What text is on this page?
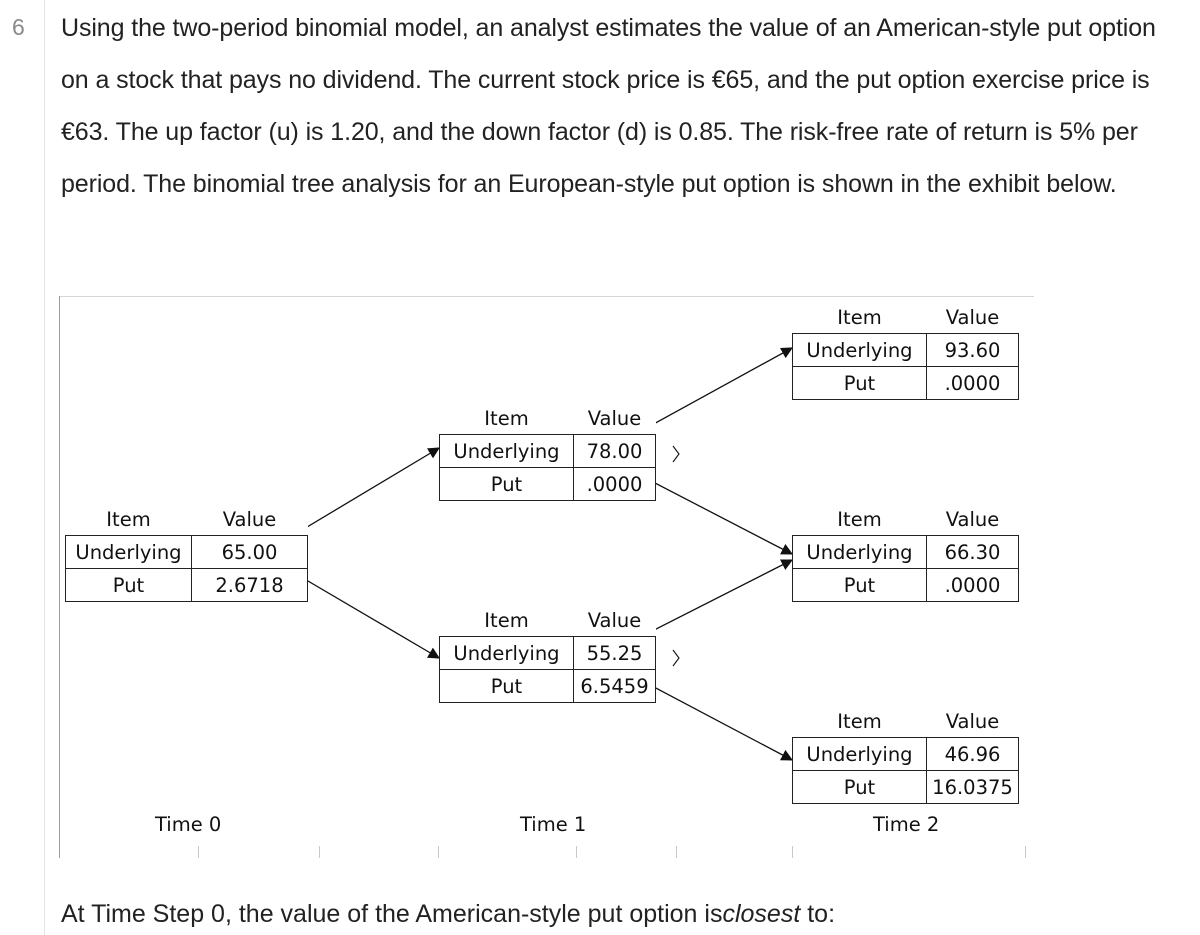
6 Using the two-period binomial model, an analyst estimates the value of an American-style put option on a stock that pays no dividend. The current stock price is €65, and the put option exercise price is €63. The up factor (u) is 1.20, and the down factor (d) is 0.85. The risk-free rate of return is 5% per period. The binomial tree analysis for an European-style put option is shown in the exhibit below.

Item	Value
Underlying	65.00
Put	2.6718
Item	Value
Underlying	78.00
Put	.0000
Item	Value
Underlying	55.25
Put	6.5459
Item	Value
Underlying	93.60
Put	.0000
Item	Value
Underlying	66.30
Put	.0000
Item	Value
Underlying	46.96
Put	16.0375
Time 0	Time 1	Time 2
At Time Step 0, the value of the American-style put option isclosest to:
